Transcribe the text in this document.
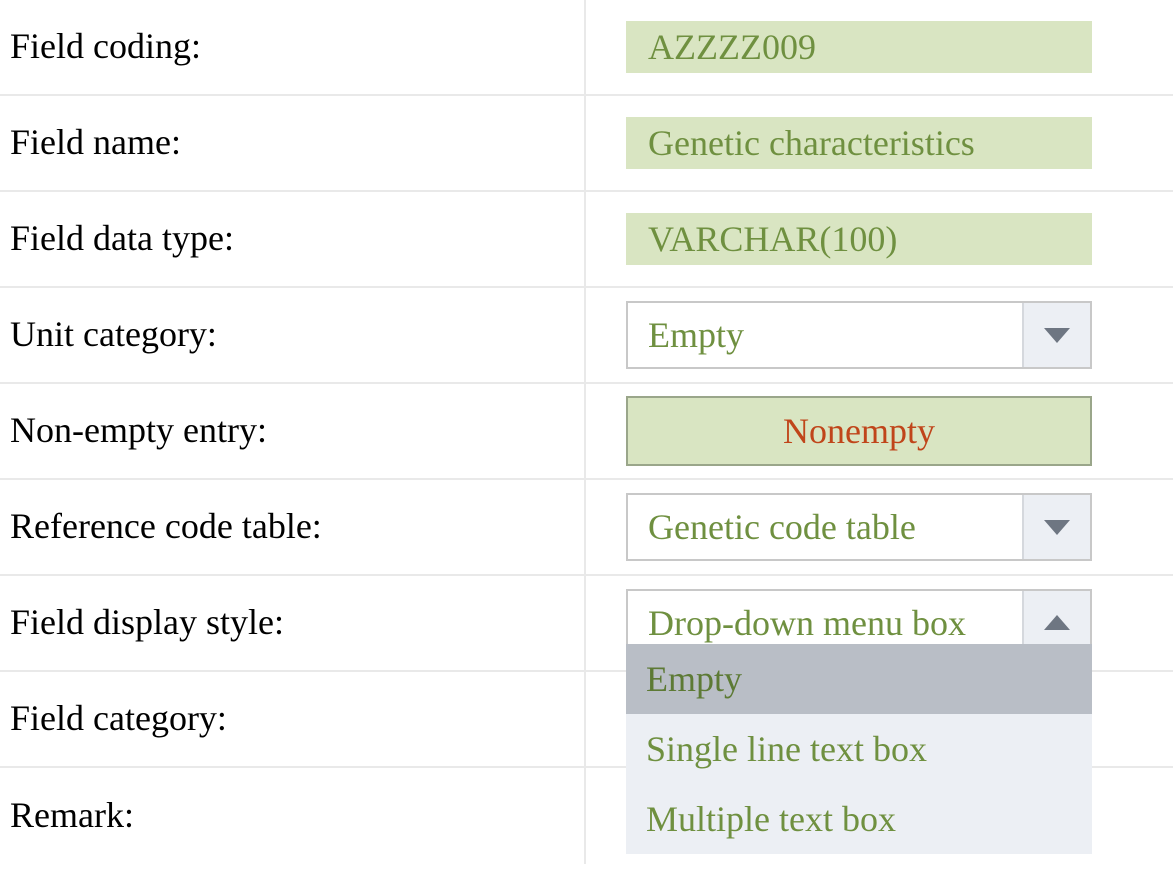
Field coding:	AZZZZ009
Field name:	Genetic characteristics
Field data type:	VARCHAR(100)
Unit category:	Empty
Non-empty entry:	Nonempty
Reference code table:	Genetic code table
Field display style:	Drop-down menu box
Empty
Single line text box
Multiple text box
Field category:
Remark:
